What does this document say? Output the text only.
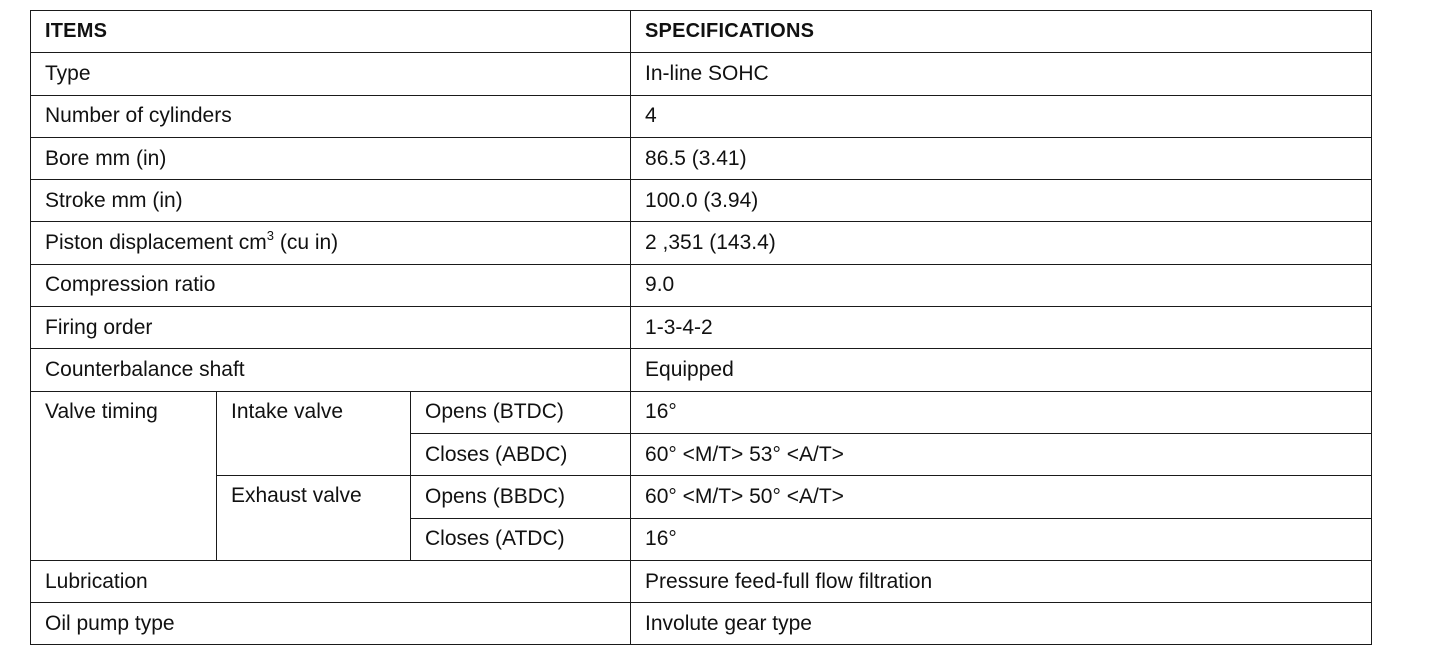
ITEMS			SPECIFICATIONS
Type			In-line SOHC
Number of cylinders			4
Bore mm (in)			86.5 (3.41)
Stroke mm (in)			100.0 (3.94)
Piston displacement $cm^3$ (cu in)			2 ,351 (143.4)
Compression ratio			9.0
Firing order			1-3-4-2
Counterbalance shaft			Equipped
Valve timing	Intake valve	Opens (BTDC)	16°
		Closes (ABDC)	60° <M/T> 53° <A/T>
	Exhaust valve	Opens (BBDC)	60° <M/T> 50° <A/T>
		Closes (ATDC)	16°
Lubrication			Pressure feed-full flow filtration
Oil pump type			Involute gear type
